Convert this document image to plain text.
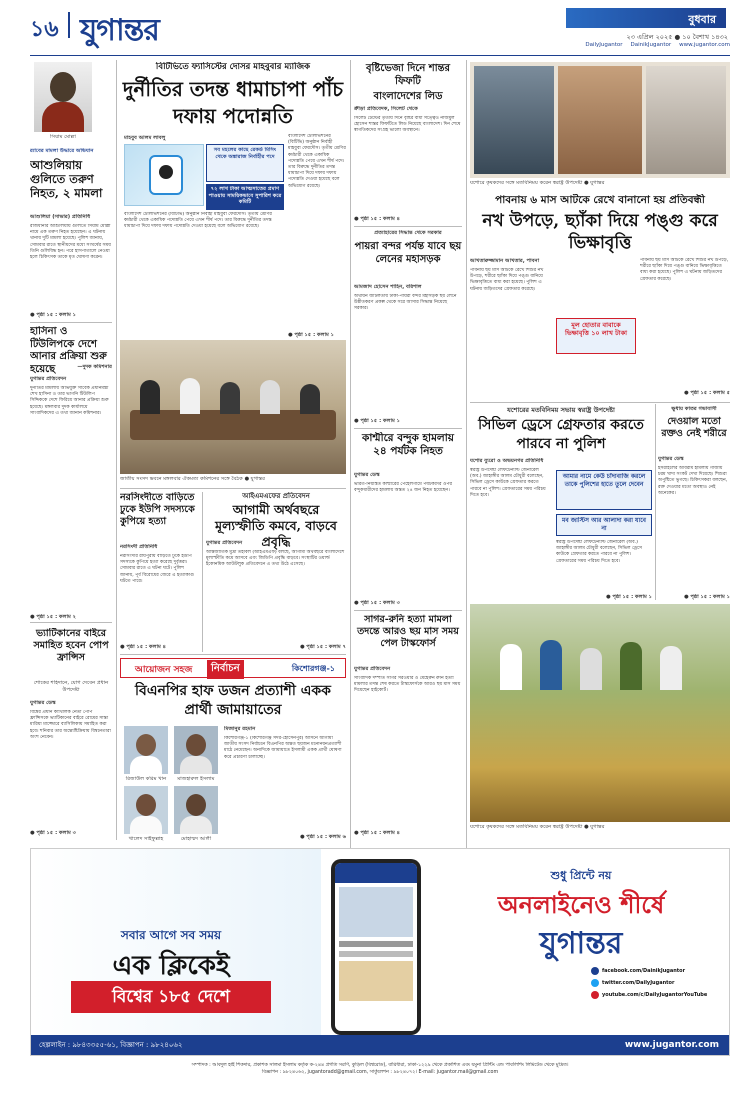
১৬ যুগান্তর	বুধবার
২৩ এপ্রিল ২০২৫ ● ১০ বৈশাখ ১৪৩২
DailyJugantor DainikJugantor www.jugantor.com
সিয়াম মোল্লা
র‌্যাবের মামলা উদ্ধারে অভিযান
আশুলিয়ায় গুলিতে তরুণ নিহত, ২ মামলা
আশুলিয়া (সাভার) প্রতিনিধি
রাজধানীর আশুলিয়ায় গুলিতে সিয়াম মোল্লা নামে এক তরুণ নিহত হয়েছেন। এ ঘটনায় থানায় দুটি মামলা হয়েছে। পুলিশ জানায়, সোমবার রাতে স্থানীয়দের মধ্যে সংঘর্ষের সময় তিনি গুলিবিদ্ধ হন। পরে হাসপাতালে নেওয়া হলে চিকিৎসক তাকে মৃত ঘোষণা করেন।
● পৃষ্ঠা ১৫ : কলাম ১
হাসিনা ও টিউলিপকে দেশে আনার প্রক্রিয়া শুরু হয়েছে	—দুদক কমিশনার
যুগান্তর প্রতিবেদন
দুর্নীতির মামলায় অভিযুক্ত সাবেক প্রধানমন্ত্রী শেখ হাসিনা ও তার ভাগনি টিউলিপ সিদ্দিককে দেশে ফিরিয়ে আনার প্রক্রিয়া শুরু হয়েছে। মঙ্গলবার দুদক কার্যালয়ে সাংবাদিকদের এ তথ্য জানান কমিশনার।
● পৃষ্ঠা ১৫ : কলাম ২
ভ্যাটিকানের বাইরে সমাহিত হবেন পোপ ফ্রান্সিস
শোকের শহিদানে, যোগ দেবেন প্রধান উপদেষ্টা
যুগান্তর ডেস্ক
বিশ্বের প্রধান ক্যাথলিক নেতা পোপ ফ্রান্সিসকে ভ্যাটিকানের বাইরে রোমের সান্তা মারিয়া মাজ্জোরে ব্যাসিলিকায় সমাহিত করা হবে। শনিবার তার অন্ত্যেষ্টিক্রিয়ায় বিশ্বনেতারা অংশ নেবেন।
● পৃষ্ঠা ১৫ : কলাম ৩
বিটিভিতে ফ্যাসিস্টের দোসর মাহবুবার ম্যাজিক
দুর্নীতির তদন্ত ধামাচাপা পাঁচ দফায় পদোন্নতি
মাহবুব আলম লাবলু
সব মহলের কাছে রেকর্ড মিসিং থেকে অঙ্কারাজ নির্বাহীর পদে
৭২ লাখ টাকা আত্মসাতের প্রমাণ পাওয়ায় সাময়িকভাবে সুপারিশ করে কমিটি
বাংলাদেশ টেলিভিশনের (বিটিভি) অনুষ্ঠান নির্বাহী মাহবুবা ফেরদৌস। তৃতীয় শ্রেণির কর্মচারী থেকে একাধিক পদোন্নতি পেয়ে এখন শীর্ষ পদে। তার বিরুদ্ধে দুর্নীতির তদন্ত ধামাচাপা দিয়ে দফায় দফায় পদোন্নতি দেওয়া হয়েছে বলে অভিযোগ রয়েছে।
বাংলাদেশ টেলিভিশনের (বিটিভি) অনুষ্ঠান নির্বাহী মাহবুবা ফেরদৌস। তৃতীয় শ্রেণির কর্মচারী থেকে একাধিক পদোন্নতি পেয়ে এখন শীর্ষ পদে। তার বিরুদ্ধে দুর্নীতির তদন্ত ধামাচাপা দিয়ে দফায় দফায় পদোন্নতি দেওয়া হয়েছে বলে অভিযোগ রয়েছে।
● পৃষ্ঠা ১৫ : কলাম ১
জাতীয় সংসদ ভবনে মঙ্গলবার ঐকমত্য কমিশনের সঙ্গে বৈঠক ● যুগান্তর
নরসিংদীতে বাড়িতে ঢুকে ইউপি সদস্যকে কুপিয়ে হত্যা
নরসিংদী প্রতিনিধি
নরসিংদীর রায়পুরায় বাড়িতে ঢুকে ইউপি সদস্যকে কুপিয়ে হত্যা করেছে দুর্বৃত্তরা। সোমবার রাতে এ ঘটনা ঘটে। পুলিশ জানায়, পূর্ব বিরোধের জেরে এ হত্যাকাণ্ড ঘটতে পারে।
● পৃষ্ঠা ১৫ : কলাম ৪
আইএমএফের প্রতিবেদন
আগামী অর্থবছরে মূল্যস্ফীতি কমবে, বাড়বে প্রবৃদ্ধি
যুগান্তর প্রতিবেদন
আন্তর্জাতিক মুদ্রা তহবিল (আইএমএফ) বলছে, আগামী অর্থবছরে বাংলাদেশে মূল্যস্ফীতি কমে আসবে এবং জিডিপি প্রবৃদ্ধি বাড়বে। সংস্থাটির ওয়ার্ল্ড ইকোনমিক আউটলুক প্রতিবেদনে এ তথ্য উঠে এসেছে।
● পৃষ্ঠা ১৫ : কলাম ৭
আয়োজন সহজ	নির্বাচন	কিশোরগঞ্জ-১
বিএনপির হাফ ডজন প্রত্যাশী একক প্রার্থী জামায়াতের
রিজাউল করিম খান	মাজহারুল ইসলাম
খালেদ সাইফুল্লাহ	মোহাম্মদ আলী
মিজানুর রহমান
কিশোরগঞ্জ-১ (কিশোরগঞ্জ সদর-হোসেনপুর) আসনে আগামী জাতীয় সংসদ নির্বাচনে বিএনপির অন্তত ছয়জন মনোনয়নপ্রত্যাশী মাঠে নেমেছেন। অন্যদিকে জামায়াতে ইসলামী একক প্রার্থী ঘোষণা করে প্রচারণা চালাচ্ছে।
● পৃষ্ঠা ১৫ : কলাম ৬
বৃষ্টিভেজা দিনে শান্তর ফিফটি
বাংলাদেশের লিড
ক্রীড়া প্রতিবেদক, সিলেট থেকে
সিলেট টেস্টের তৃতীয় দিনে বৃষ্টির বাধা সত্ত্বেও নাজমুল হোসেন শান্তর ফিফটিতে লিড নিয়েছে বাংলাদেশ। দিন শেষে স্বাগতিকদের সংগ্রহ ভালো অবস্থানে।
● পৃষ্ঠা ১৫ : কলাম ৪
প্রত্যাহারের সিদ্ধান্ত থেকে সরকার
পায়রা বন্দর পর্যন্ত যাবে ছয় লেনের মহাসড়ক
আমজাদ হোসেন শাহিন, বরিশাল
অর্থায়ন জটিলতায় ঢাকা-পায়রা বন্দর মহাসড়ক ছয় লেনে উন্নীতকরণ প্রকল্প থেকে সরে আসার সিদ্ধান্ত নিয়েছে সরকার।
● পৃষ্ঠা ১৫ : কলাম ১
কাশ্মীরে বন্দুক হামলায় ২৪ পর্যটক নিহত
যুগান্তর ডেস্ক
ভারত-নিয়ন্ত্রিত কাশ্মীরের পেহেলগামে পর্যটকদের ওপর বন্দুকধারীদের হামলায় অন্তত ২৪ জন নিহত হয়েছেন।
● পৃষ্ঠা ১৫ : কলাম ৩
সাগর-রুনি হত্যা মামলা তদন্তে আরও ছয় মাস সময় পেল টাস্কফোর্স
যুগান্তর প্রতিবেদন
সাংবাদিক দম্পতি সাগর সরওয়ার ও মেহেরুন রুনি হত্যা মামলার তদন্ত শেষ করতে টাস্কফোর্সকে আরও ছয় মাস সময় দিয়েছেন হাইকোর্ট।
● পৃষ্ঠা ১৫ : কলাম ৪
যশোরে কৃষকদের সঙ্গে মতবিনিময় করেন স্বরাষ্ট্র উপদেষ্টা ● যুগান্তর
পাবনায় ৬ মাস আটকে রেখে বানানো হয় প্রতিবন্ধী
নখ উপড়ে, ছ্যাঁকা দিয়ে পঙ্গু করে ভিক্ষাবৃত্তি
আখতারুজ্জামান আখতার, পাবনা
পাবনায় ছয় মাস আটকে রেখে শিশুর নখ উপড়ে, শরীরে ছ্যাঁকা দিয়ে পঙ্গু বানিয়ে ভিক্ষাবৃত্তিতে বাধ্য করা হয়েছে। পুলিশ এ ঘটনায় জড়িতদের গ্রেফতার করেছে।
মূল হোতার বাবাকে ভিক্ষাবৃত্তি ১০ লাখ টাকা
পাবনায় ছয় মাস আটকে রেখে শিশুর নখ উপড়ে, শরীরে ছ্যাঁকা দিয়ে পঙ্গু বানিয়ে ভিক্ষাবৃত্তিতে বাধ্য করা হয়েছে। পুলিশ এ ঘটনায় জড়িতদের গ্রেফতার করেছে।
● পৃষ্ঠা ১৫ : কলাম ৫
যশোরের মতবিনিময় সভায় স্বরাষ্ট্র উপদেষ্টা
সিভিল ড্রেসে গ্রেফতার করতে পারবে না পুলিশ
যশোর ব্যুরো ও অভয়নগর প্রতিনিধি
স্বরাষ্ট্র উপদেষ্টা লেফটেন্যান্ট জেনারেল (অব.) জাহাঙ্গীর আলম চৌধুরী বলেছেন, সিভিল ড্রেসে কাউকে গ্রেফতার করতে পারবে না পুলিশ। গ্রেফতারের সময় পরিচয় দিতে হবে।
আমার নামে কেউ চাঁদাবাজি করলে তাকে পুলিশের হাতে তুলে দেবেন
মব জাস্টিস আর আলাদা করা যাবে না
স্বরাষ্ট্র উপদেষ্টা লেফটেন্যান্ট জেনারেল (অব.) জাহাঙ্গীর আলম চৌধুরী বলেছেন, সিভিল ড্রেসে কাউকে গ্রেফতার করতে পারবে না পুলিশ। গ্রেফতারের সময় পরিচয় দিতে হবে।
● পৃষ্ঠা ১৫ : কলাম ১
যশোরে কৃষকদের সঙ্গে মতবিনিময় করেন স্বরাষ্ট্র উপদেষ্টা ● যুগান্তর
ক্ষুধায় কাতর গভাবাসী
দেওয়াল মতো রক্তও নেই শরীরে
যুগান্তর ডেস্ক
ইসরাইলের অবিরাম হামলায় গাজায় চরম খাদ্য সংকট দেখা দিয়েছে। শিশুরা অপুষ্টিতে ভুগছে। চিকিৎসকরা বলছেন, রক্ত দেওয়ার মতো অবস্থাও নেই অনেকের।
● পৃষ্ঠা ১৫ : কলাম ১
সবার আগে সব সময়
এক ক্লিকেই
বিশ্বের ১৮৫ দেশে
হেল্পলাইন : ৯৮৪৩৩৫৫-৬১, বিজ্ঞাপন : ৯৮২৪০৬২
শুধু প্রিন্টে নয়
অনলাইনেও শীর্ষে
যুগান্তর
facebook.com/DainikJugantor
twitter.com/DailyJugantor
youtube.com/c/DailyJugantorYouTube
www.jugantor.com
সম্পাদক : আবদুল হাই শিকদার, প্রকাশক সালমা ইসলাম কর্তৃক ক-২৪৪ প্রগতি সরণি, কুড়িল (বিশ্বরোড), বারিধারা, ঢাকা-১২২৯ থেকে প্রকাশিত এবং যমুনা প্রিন্টিং এন্ড পাবলিশিং লিমিটেড থেকে মুদ্রিত।
বিজ্ঞাপন : ৯৮২৪০৬২, jugantoradd@gmail.com, সার্কুলেশন : ৯৮২৪০৭২। E-mail: jugantor.mail@gmail.com
